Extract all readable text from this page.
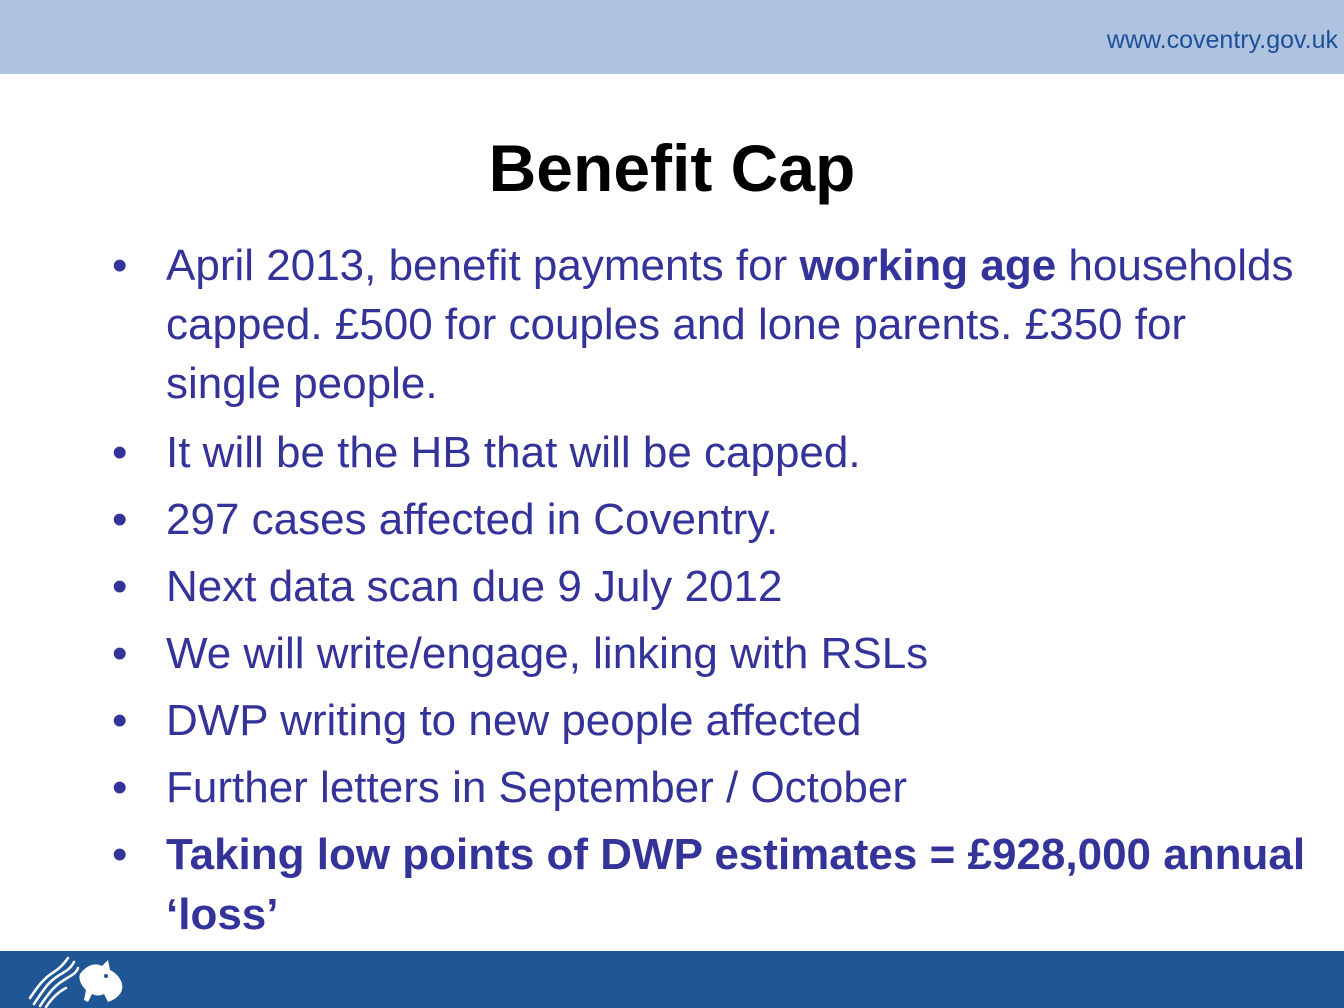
www.coventry.gov.uk
Benefit Cap
• April 2013, benefit payments for working age households capped. £500 for couples and lone parents. £350 for single people.
• It will be the HB that will be capped.
• 297 cases affected in Coventry.
• Next data scan due 9 July 2012
• We will write/engage, linking with RSLs
• DWP writing to new people affected
• Further letters in September / October
• Taking low points of DWP estimates = £928,000 annual ‘loss’
